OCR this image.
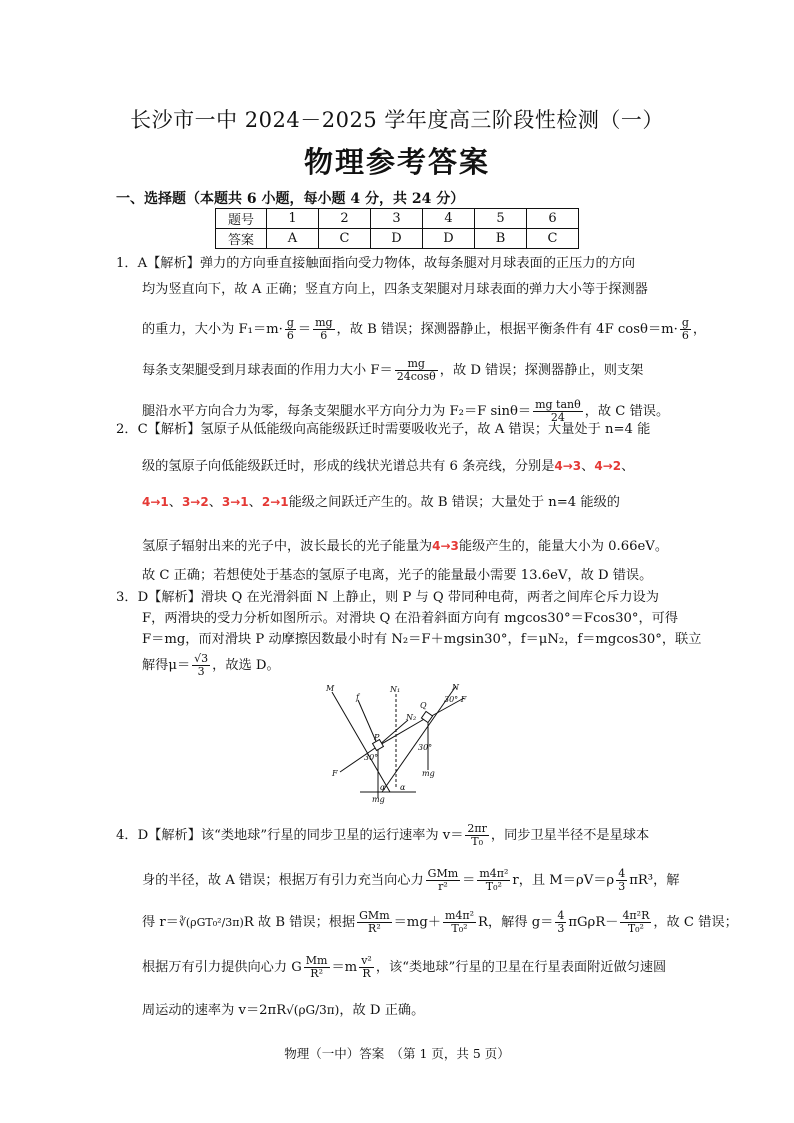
长沙市一中 2024－2025 学年度高三阶段性检测（一）
物理参考答案
一、选择题（本题共 6 小题，每小题 4 分，共 24 分）
题号	1	2	3	4	5	6
答案	A	C	D	D	B	C
1．A【解析】弹力的方向垂直接触面指向受力物体，故每条腿对月球表面的正压力的方向
均为竖直向下，故 A 正确；竖直方向上，四条支架腿对月球表面的弹力大小等于探测器
的重力，大小为 $F_1=m\cdot \frac{g}{6} = \frac{mg}{6}$ ，故 B 错误；探测器静止，根据平衡条件有 4F $\cos\theta=m\cdot \frac{g}{6}$ ，
每条支架腿受到月球表面的作用力大小 $F= \frac{mg}{24\cos\theta}$ ，故 D 错误；探测器静止，则支架
腿沿水平方向合力为零，每条支架腿水平方向分力为 F₂＝F $\sin\theta= \frac{\text{mg tanθ}}{24}$ ，故 C 错误。
2．C【解析】氢原子从低能级向高能级跃迁时需要吸收光子，故 A 错误；大量处于 n=4 能
级的氢原子向低能级跃迁时，形成的线状光谱总共有 6 条亮线，分别是4→3、4→2、
4→1、3→2、3→1、2→1能级之间跃迁产生的。故 B 错误；大量处于 n=4 能级的
氢原子辐射出来的光子中，波长最长的光子能量为4→3能级产生的，能量大小为 0.66eV。
故 C 正确；若想使处于基态的氢原子电离，光子的能量最小需要 13.6eV，故 D 错误。
3．D【解析】滑块 Q 在光滑斜面 N 上静止，则 P 与 Q 带同种电荷，两者之间库仑斥力设为
F，两滑块的受力分析如图所示。对滑块 Q 在沿着斜面方向有 mgcos30°＝Fcos30°，可得
F＝mg，而对滑块 P 动摩擦因数最小时有 N₂＝F＋mgsin30°，f＝μN₂，f＝mgcos30°，联立
解得$\mu= \frac{√3}{3}$ ，故选 D。
M
f
N₁
Q
N
30° F
N₂
P
30°
30°
F	mg
mg
α α
4．D【解析】该“类地球”行星的同步卫星的运行速率为 $v= \frac{2\pi r}{\text{T₀}}$ ，同步卫星半径不是星球本
身的半径，故 A 错误；根据万有引力充当向心力 $\frac{\text{GMm}}{\text{r²}} = \frac{\text{m4π²}}{\text{T₀²}}$ r，且 $M=\rho V=\rho \frac{4}{3} \pi R^3$，解
得 r＝∛(ρGT₀²/3π)R 故 B 错误；根据 $\frac{\text{GMm}}{\text{R²}} =mg+ \frac{\text{m4π²}}{\text{T₀²}}$ R，解得 $g= \frac{4}{3} \pi G\rho R- \frac{\text{4π²R}}{\text{T₀²}}$ ，故 C 错误；
根据万有引力提供向心力 G $\frac{Mm}{\text{R²}} =m \frac{\text{v²}}{R}$ ，该“类地球”行星的卫星在行星表面附近做匀速圆
周运动的速率为 v＝2πR√(ρG/3π)，故 D 正确。
物理（一中）答案　（第 1 页，共 5 页）
